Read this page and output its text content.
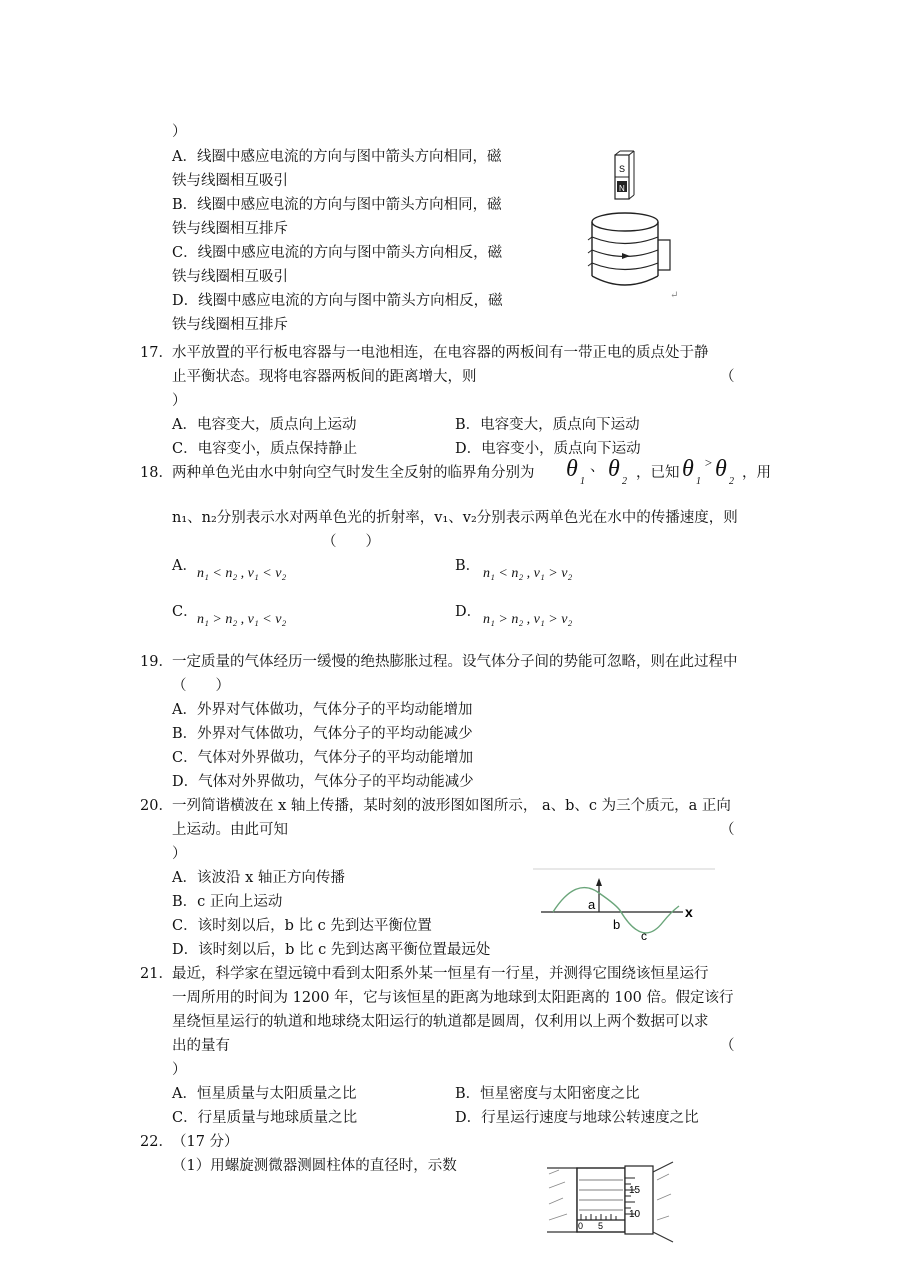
）
A．线圈中感应电流的方向与图中箭头方向相同，磁
铁与线圈相互吸引
B．线圈中感应电流的方向与图中箭头方向相同，磁
铁与线圈相互排斥
C．线圈中感应电流的方向与图中箭头方向相反，磁
铁与线圈相互吸引
D．线圈中感应电流的方向与图中箭头方向相反，磁
铁与线圈相互排斥
S
N
↵
17． 水平放置的平行板电容器与一电池相连，在电容器的两板间有一带正电的质点处于静
止平衡状态。现将电容器两板间的距离增大，则	（
）
A．电容变大，质点向上运动	B．电容变大，质点向下运动
C．电容变小，质点保持静止	D．电容变小，质点向下运动
18． 两种单色光由水中射向空气时发生全反射的临界角分别为 θ 1
、 θ 2
，已知 θ 1
> θ 2
，用
n₁、n₂分别表示水对两单色光的折射率，v₁、v₂分别表示两单色光在水中的传播速度，则
（　　）
A． n₁ < n₂ , v₁ < v₂	B． n₁ < n₂ , v₁ > v₂
C． n₁ > n₂ , v₁ < v₂	D． n₁ > n₂ , v₁ > v₂
19． 一定质量的气体经历一缓慢的绝热膨胀过程。设气体分子间的势能可忽略，则在此过程中
（　　）
A．外界对气体做功，气体分子的平均动能增加
B．外界对气体做功，气体分子的平均动能减少
C．气体对外界做功，气体分子的平均动能增加
D．气体对外界做功，气体分子的平均动能减少
20． 一列简谐横波在 x 轴上传播，某时刻的波形图如图所示， a、b、c 为三个质元，a 正向
上运动。由此可知	（
）
A．该波沿 x 轴正方向传播
B．c 正向上运动
C．该时刻以后，b 比 c 先到达平衡位置
D．该时刻以后，b 比 c 先到达离平衡位置最远处
a
b
c
x
21． 最近，科学家在望远镜中看到太阳系外某一恒星有一行星，并测得它围绕该恒星运行
一周所用的时间为 1200 年，它与该恒星的距离为地球到太阳距离的 100 倍。假定该行
星绕恒星运行的轨道和地球绕太阳运行的轨道都是圆周，仅利用以上两个数据可以求
出的量有	（
）
A．恒星质量与太阳质量之比	B．恒星密度与太阳密度之比
C．行星质量与地球质量之比	D．行星运行速度与地球公转速度之比
22． （17 分）
（1）用螺旋测微器测圆柱体的直径时，示数
0 5
15
10
